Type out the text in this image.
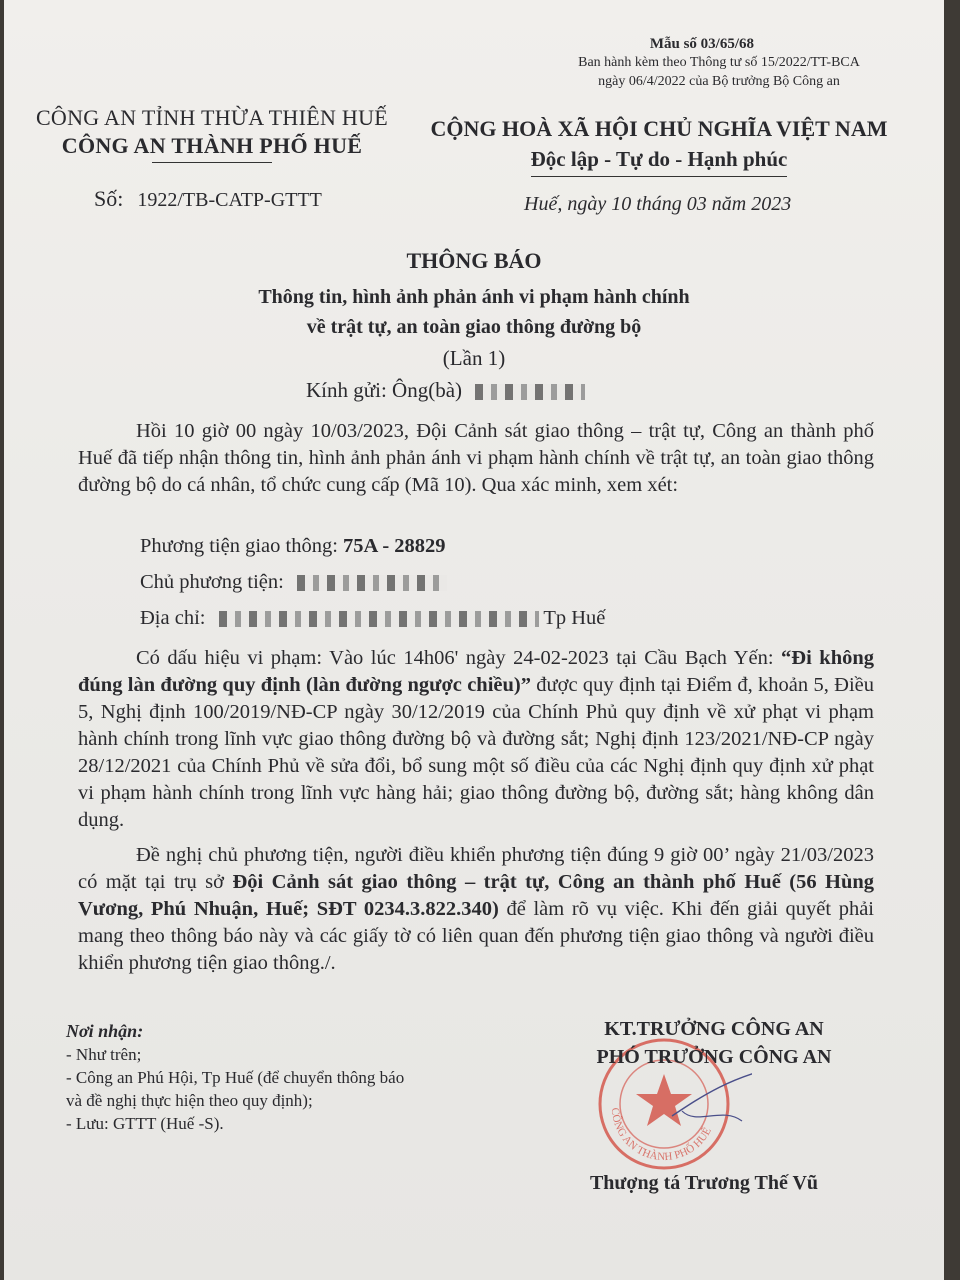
Mẫu số 03/65/68
Ban hành kèm theo Thông tư số 15/2022/TT-BCA
ngày 06/4/2022 của Bộ trưởng Bộ Công an
CÔNG AN TỈNH THỪA THIÊN HUẾ
CÔNG AN THÀNH PHỐ HUẾ
CỘNG HOÀ XÃ HỘI CHỦ NGHĨA VIỆT NAM
Độc lập - Tự do - Hạnh phúc
Số: 1922/TB-CATP-GTTT	Huế, ngày 10 tháng 03 năm 2023
THÔNG BÁO
Thông tin, hình ảnh phản ánh vi phạm hành chính
về trật tự, an toàn giao thông đường bộ
(Lần 1)
Kính gửi: Ông(bà)
Hồi 10 giờ 00 ngày 10/03/2023, Đội Cảnh sát giao thông – trật tự, Công an thành phố Huế đã tiếp nhận thông tin, hình ảnh phản ánh vi phạm hành chính về trật tự, an toàn giao thông đường bộ do cá nhân, tổ chức cung cấp (Mã 10). Qua xác minh, xem xét:
Phương tiện giao thông: 75A - 28829
Chủ phương tiện:
Địa chỉ:	Tp Huế
Có dấu hiệu vi phạm: Vào lúc 14h06' ngày 24-02-2023 tại Cầu Bạch Yến: “Đi không đúng làn đường quy định (làn đường ngược chiều)” được quy định tại Điểm đ, khoản 5, Điều 5, Nghị định 100/2019/NĐ-CP ngày 30/12/2019 của Chính Phủ quy định về xử phạt vi phạm hành chính trong lĩnh vực giao thông đường bộ và đường sắt; Nghị định 123/2021/NĐ-CP ngày 28/12/2021 của Chính Phủ về sửa đổi, bổ sung một số điều của các Nghị định quy định xử phạt vi phạm hành chính trong lĩnh vực hàng hải; giao thông đường bộ, đường sắt; hàng không dân dụng.
Đề nghị chủ phương tiện, người điều khiển phương tiện đúng 9 giờ 00’ ngày 21/03/2023 có mặt tại trụ sở Đội Cảnh sát giao thông – trật tự, Công an thành phố Huế (56 Hùng Vương, Phú Nhuận, Huế; SĐT 0234.3.822.340) để làm rõ vụ việc. Khi đến giải quyết phải mang theo thông báo này và các giấy tờ có liên quan đến phương tiện giao thông và người điều khiển phương tiện giao thông./.
Nơi nhận:
- Như trên;
- Công an Phú Hội, Tp Huế (để chuyển thông báo
và đề nghị thực hiện theo quy định);
- Lưu: GTTT (Huế -S).
CÔNG AN THÀNH PHỐ HUẾ
KT.TRƯỞNG CÔNG AN
PHÓ TRƯỞNG CÔNG AN
Thượng tá Trương Thế Vũ
